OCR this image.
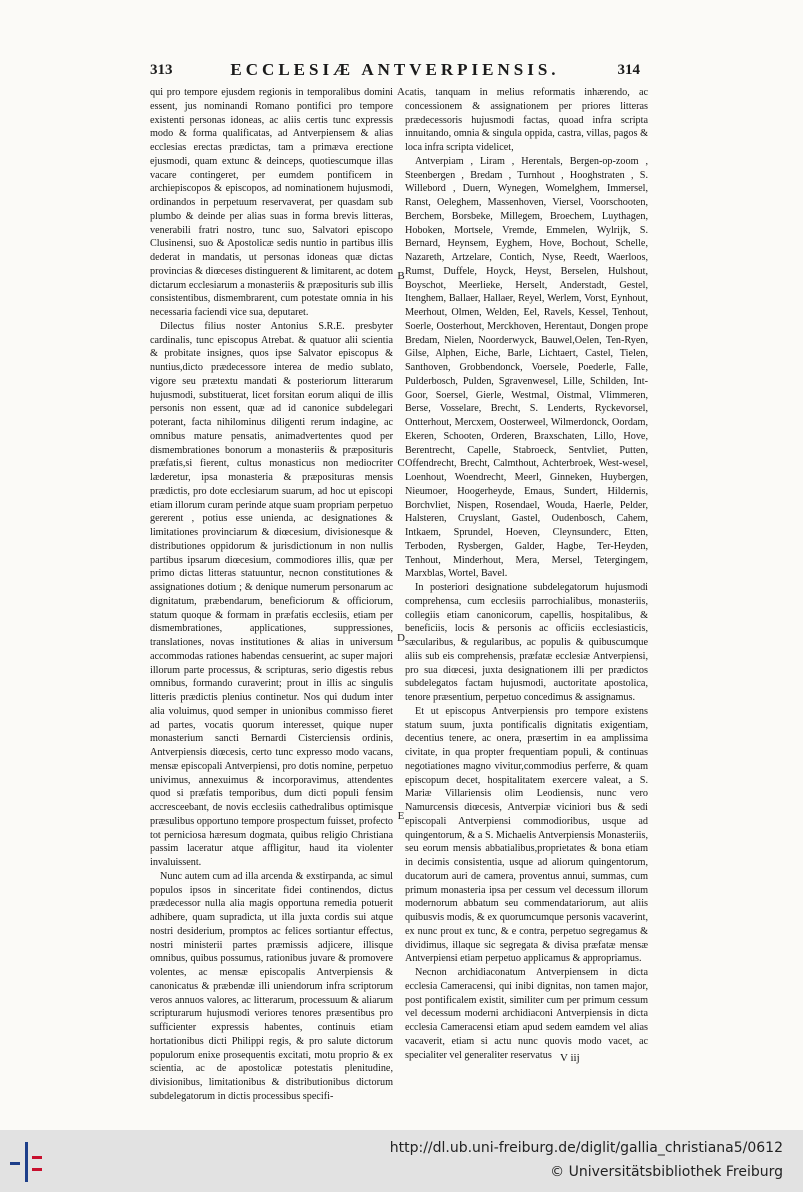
313	ECCLESIÆ ANTVERPIENSIS.	314

qui pro tempore ejusdem regionis in temporalibus domini essent, jus nominandi Romano pontifici pro tempore existenti personas idoneas, ac aliis certis tunc expressis modo & forma qualificatas, ad Antverpiensem & alias ecclesias erectas prædictas, tam a primæva erectione ejusmodi, quam extunc & deinceps, quotiescumque illas vacare contingeret, per eumdem pontificem in archiepiscopos & episcopos, ad nominationem hujusmodi, ordinandos in perpetuum reservaverat, per quasdam sub plumbo & deinde per alias suas in forma brevis litteras, venerabili fratri nostro, tunc suo, Salvatori episcopo Clusinensi, suo & Apostolicæ sedis nuntio in partibus illis dederat in mandatis, ut personas idoneas quæ dictas provincias & diœceses distinguerent & limitarent, ac dotem dictarum ecclesiarum a monasteriis & præposituris sub illis consistentibus, dismembrarent, cum potestate omnia in his necessaria faciendi vice sua, deputaret.

Dilectus filius noster Antonius S.R.E. presbyter cardinalis, tunc episcopus Atrebat. & quatuor alii scientia & probitate insignes, quos ipse Salvator episcopus & nuntius,dicto prædecessore interea de medio sublato, vigore seu prætextu mandati & posteriorum litterarum hujusmodi, substituerat, licet forsitan eorum aliqui de illis personis non essent, quæ ad id canonice subdelegari poterant, facta nihilominus diligenti rerum indagine, ac omnibus mature pensatis, animadvertentes quod per dismembrationes bonorum a monasteriis & præposituris præfatis,si fierent, cultus monasticus non mediocriter læderetur, ipsa monasteria & præposituras mensis prædictis, pro dote ecclesiarum suarum, ad hoc ut episcopi etiam illorum curam perinde atque suam propriam perpetuo gererent , potius esse unienda, ac designationes & limitationes provinciarum & diœcesium, divisionesque & distributiones oppidorum & jurisdictionum in non nullis partibus ipsarum diœcesium, commodiores illis, quæ per primo dictas litteras statuuntur, necnon constitutiones & assignationes dotium ; & denique numerum personarum ac dignitatum, præbendarum, beneficiorum & officiorum, statum quoque & formam in præfatis ecclesiis, etiam per dismembrationes, applicationes, suppressiones, translationes, novas institutiones & alias in universum accommodas rationes habendas censuerint, ac super majori illorum parte processus, & scripturas, serio digestis rebus omnibus, formando curaverint; prout in illis ac singulis litteris prædictis plenius continetur. Nos qui dudum inter alia voluimus, quod semper in unionibus commisso fieret ad partes, vocatis quorum interesset, quique nuper monasterium sancti Bernardi Cisterciensis ordinis, Antverpiensis diœcesis, certo tunc expresso modo vacans, mensæ episcopali Antverpiensi, pro dotis nomine, perpetuo univimus, annexuimus & incorporavimus, attendentes quod si præfatis temporibus, dum dicti populi fensim accresceebant, de novis ecclesiis cathedralibus optimisque præsulibus opportuno tempore prospectum fuisset, profecto tot perniciosa hæresum dogmata, quibus religio Christiana passim laceratur atque affligitur, haud ita violenter invaluissent.

Nunc autem cum ad illa arcenda & exstirpanda, ac simul populos ipsos in sinceritate fidei continendos, dictus prædecessor nulla alia magis opportuna remedia potuerit adhibere, quam supradicta, ut illa juxta cordis sui atque nostri desiderium, promptos ac felices sortiantur effectus, nostri ministerii partes præmissis adjicere, illisque omnibus, quibus possumus, rationibus juvare & promovere volentes, ac mensæ episcopalis Antverpiensis & canonicatus & præbendæ illi uniendorum infra scriptorum veros annuos valores, ac litterarum, processuum & aliarum scripturarum hujusmodi veriores tenores præsentibus pro sufficienter expressis habentes, continuis etiam hortationibus dicti Philippi regis, & pro salute dictorum populorum enixe prosequentis excitati, motu proprio & ex scientia, ac de apostolicæ potestatis plenitudine, divisionibus, limitationibus & distributionibus dictorum subdelegatorum in dictis processibus specifi-

A
B
C
D
E

catis, tanquam in melius reformatis inhærendo, ac concessionem & assignationem per priores litteras prædecessoris hujusmodi factas, quoad infra scripta innuitando, omnia & singula oppida, castra, villas, pagos & loca infra scripta videlicet,

Antverpiam , Liram , Herentals, Bergen-op-zoom , Steenbergen , Bredam , Turnhout , Hooghstraten , S. Willebord , Duern, Wynegen, Womelghem, Immersel, Ranst, Oeleghem, Massenhoven, Viersel, Voorschooten, Berchem, Borsbeke, Millegem, Broechem, Luythagen, Hoboken, Mortsele, Vremde, Emmelen, Wylrijk, S. Bernard, Heynsem, Eyghem, Hove, Bochout, Schelle, Nazareth, Artzelare, Contich, Nyse, Reedt, Waerloos, Rumst, Duffele, Hoyck, Heyst, Berselen, Hulshout, Boyschot, Meerlieke, Herselt, Anderstadt, Gestel, Itenghem, Ballaer, Hallaer, Reyel, Werlem, Vorst, Eynhout, Meerhout, Olmen, Welden, Eel, Ravels, Kessel, Tenhout, Soerle, Oosterhout, Merckhoven, Herentaut, Dongen prope Bredam, Nielen, Noorderwyck, Bauwel,Oelen, Ten-Ryen, Gilse, Alphen, Eiche, Barle, Lichtaert, Castel, Tielen, Santhoven, Grobbendonck, Voersele, Poederle, Falle, Pulderbosch, Pulden, Sgravenwesel, Lille, Schilden, Int-Goor, Soersel, Gierle, Westmal, Oistmal, Vlimmeren, Berse, Vosselare, Brecht, S. Lenderts, Ryckevorsel, Ontterhout, Mercxem, Oosterweel, Wilmerdonck, Oordam, Ekeren, Schooten, Orderen, Braxschaten, Lillo, Hove, Berentrecht, Capelle, Stabroeck, Sentvliet, Putten, Offendrecht, Brecht, Calmthout, Achterbroek, West-wesel, Loenhout, Woendrecht, Meerl, Ginneken, Huybergen, Nieumoer, Hoogerheyde, Emaus, Sundert, Hildernis, Borchvliet, Nispen, Rosendael, Wouda, Haerle, Pelder, Halsteren, Cruyslant, Gastel, Oudenbosch, Cahem, Intkaem, Sprundel, Hoeven, Cleynsunderc, Etten, Terboden, Rysbergen, Galder, Hagbe, Ter-Heyden, Tenhout, Minderhout, Mera, Mersel, Tetergingem, Marxblas, Wortel, Bavel.

In posteriori designatione subdelegatorum hujusmodi comprehensa, cum ecclesiis parrochialibus, monasteriis, collegiis etiam canonicorum, capellis, hospitalibus, & beneficiis, locis & personis ac officiis ecclesiasticis, sæcularibus, & regularibus, ac populis & quibuscumque aliis sub eis comprehensis, præfatæ ecclesiæ Antverpiensi, pro sua diœcesi, juxta designationem illi per prædictos subdelegatos factam hujusmodi, auctoritate apostolica, tenore præsentium, perpetuo concedimus & assignamus.

Et ut episcopus Antverpiensis pro tempore existens statum suum, juxta pontificalis dignitatis exigentiam, decentius tenere, ac onera, præsertim in ea amplissima civitate, in qua propter frequentiam populi, & continuas negotiationes magno vivitur,commodius perferre, & quam episcopum decet, hospitalitatem exercere valeat, a S. Mariæ Villariensis olim Leodiensis, nunc vero Namurcensis diœcesis, Antverpiæ viciniori bus & sedi episcopali Antverpiensi commodioribus, usque ad quingentorum, & a S. Michaelis Antverpiensis Monasteriis, seu eorum mensis abbatialibus,proprietates & bona etiam in decimis consistentia, usque ad aliorum quingentorum, ducatorum auri de camera, proventus annui, summas, cum primum monasteria ipsa per cessum vel decessum illorum modernorum abbatum seu commendatariorum, aut aliis quibusvis modis, & ex quorumcumque personis vacaverint, ex nunc prout ex tunc, & e contra, perpetuo segregamus & dividimus, illaque sic segregata & divisa præfatæ mensæ Antverpiensi etiam perpetuo applicamus & appropriamus.

Necnon archidiaconatum Antverpiensem in dicta ecclesia Cameracensi, qui inibi dignitas, non tamen major, post pontificalem existit, similiter cum per primum cessum vel decessum moderni archidiaconi Antverpiensis in dicta ecclesia Cameracensi etiam apud sedem eamdem vel alias vacaverit, etiam si actu nunc quovis modo vacet, ac specialiter vel generaliter reservatus V iij
http://dl.ub.uni-freiburg.de/diglit/gallia_christiana5/0612
© Universitätsbibliothek Freiburg
